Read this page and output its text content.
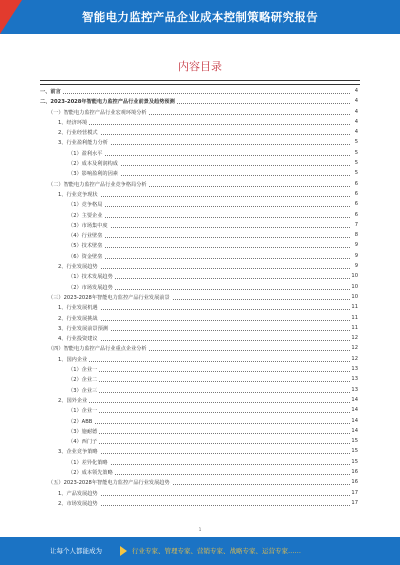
智能电力监控产品企业成本控制策略研究报告
内容目录
一、前言	4
二、2023-2028年智能电力监控产品行业前景及趋势预测	4
（一）智能电力监控产品行业宏观环境分析	4
1、经济环境	4
2、行业经营模式	4
3、行业盈利能力分析	5
（1）盈利水平	5
（2）成本及利润构成	5
（3）影响盈利的因素	5
（二）智能电力监控产品行业竞争格局分析	6
1、行业竞争现状	6
（1）竞争格局	6
（2）主要企业	6
（3）市场集中度	7
（4）行业壁垒	8
（5）技术壁垒	9
（6）资金壁垒	9
2、行业发展趋势	9
（1）技术发展趋势	10
（2）市场发展趋势	10
（三）2023-2028年智能电力监控产品行业发展前景	10
1、行业发展机遇	11
2、行业发展挑战	11
3、行业发展前景预测	11
4、行业投资建议	12
（四）智能电力监控产品行业重点企业分析	12
1、国内企业	12
（1）企业一	13
（2）企业二	13
（3）企业三	13
2、国外企业	14
（1）企业一	14
（2）ABB	14
（3）施耐德	14
（4）西门子	15
3、企业竞争策略	15
（1）差异化策略	15
（2）成本领先策略	16
（五）2023-2028年智能电力监控产品行业发展趋势	16
1、产品发展趋势	17
2、市场发展趋势	17
1
让每个人都能成为	行业专家、管理专家、营销专家、战略专家、运营专家……
